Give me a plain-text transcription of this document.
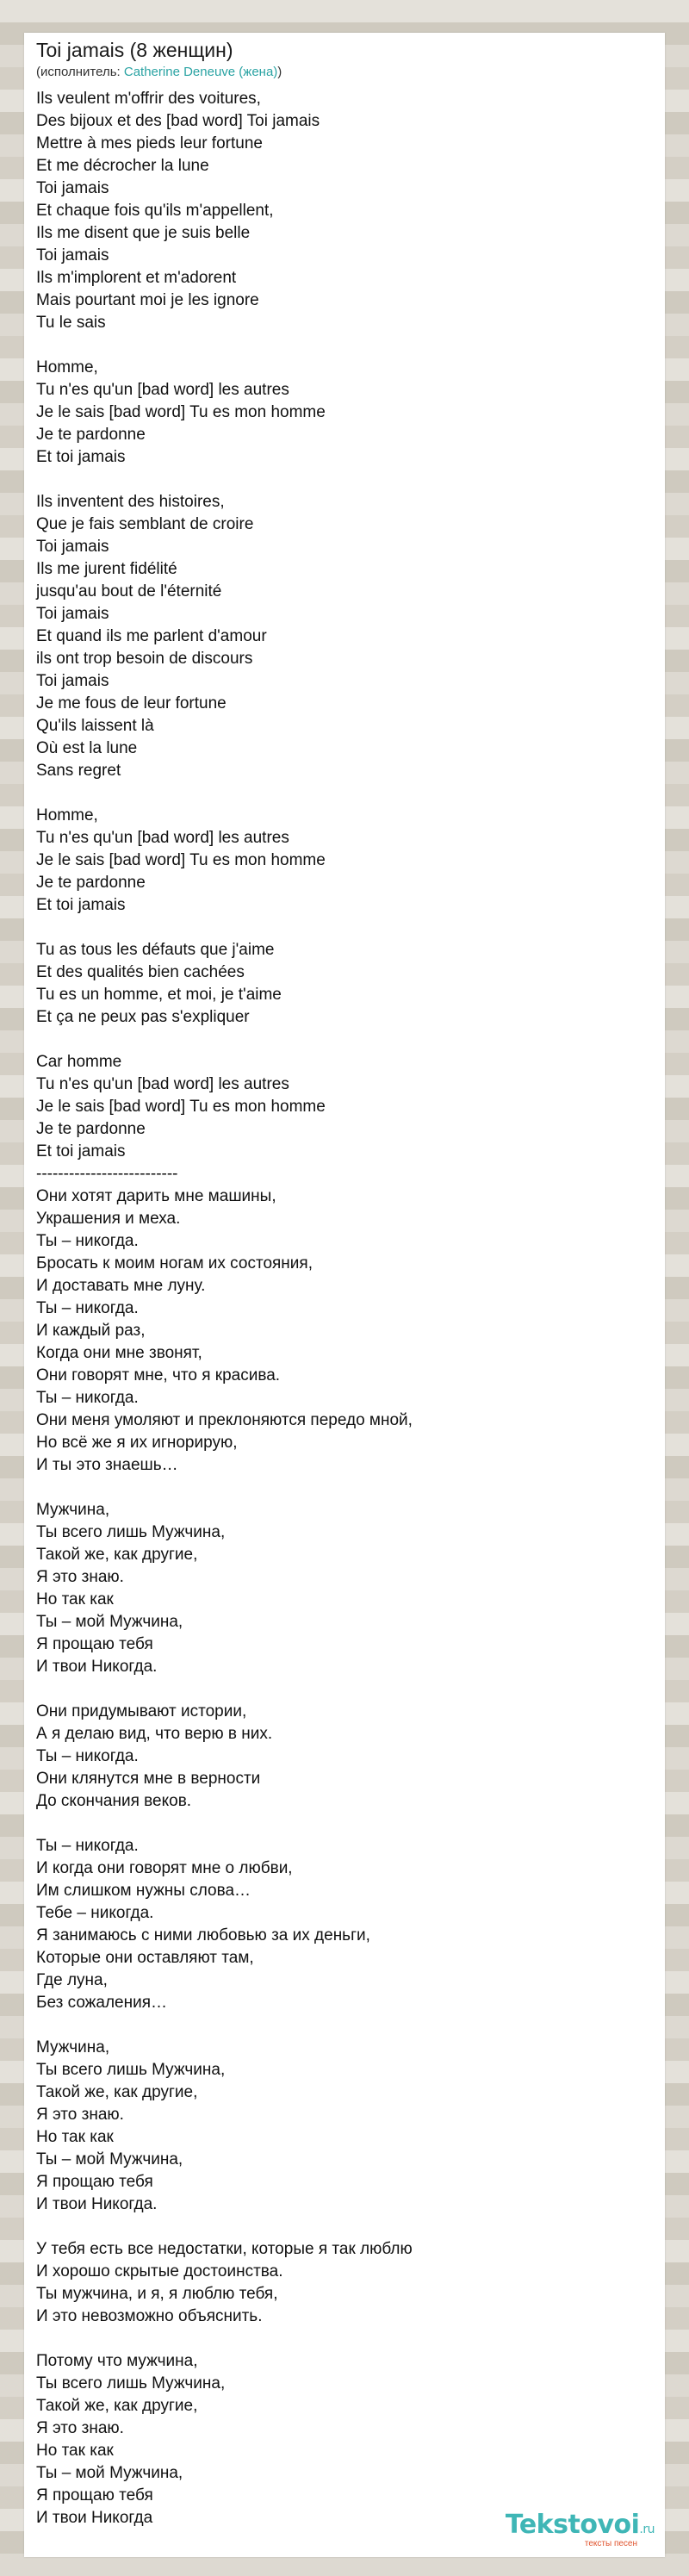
Toi jamais (8 женщин)
(исполнитель: Catherine Deneuve (жена))
Ils veulent m'offrir des voitures,
Des bijoux et des [bad word] Toi jamais
Mettre à mes pieds leur fortune
Et me décrocher la lune
Toi jamais
Et chaque fois qu'ils m'appellent,
Ils me disent que je suis belle
Toi jamais
Ils m'implorent et m'adorent
Mais pourtant moi je les ignore
Tu le sais
Homme,
Tu n'es qu'un [bad word] les autres
Je le sais [bad word] Tu es mon homme
Je te pardonne
Et toi jamais
Ils inventent des histoires,
Que je fais semblant de croire
Toi jamais
Ils me jurent fidélité
jusqu'au bout de l'éternité
Toi jamais
Et quand ils me parlent d'amour
ils ont trop besoin de discours
Toi jamais
Je me fous de leur fortune
Qu'ils laissent là
Où est la lune
Sans regret
Homme,
Tu n'es qu'un [bad word] les autres
Je le sais [bad word] Tu es mon homme
Je te pardonne
Et toi jamais
Tu as tous les défauts que j'aime
Et des qualités bien cachées
Tu es un homme, et moi, je t'aime
Et ça ne peux pas s'expliquer
Car homme
Tu n'es qu'un [bad word] les autres
Je le sais [bad word] Tu es mon homme
Je te pardonne
Et toi jamais
--------------------------
Они хотят дарить мне машины,
Украшения и меха.
Ты – никогда.
Бросать к моим ногам их состояния,
И доставать мне луну.
Ты – никогда.
И каждый раз,
Когда они мне звонят,
Они говорят мне, что я красива.
Ты – никогда.
Они меня умоляют и преклоняются передо мной,
Но всё же я их игнорирую,
И ты это знаешь…
Мужчина,
Ты всего лишь Мужчина,
Такой же, как другие,
Я это знаю.
Но так как
Ты – мой Мужчина,
Я прощаю тебя
И твои Никогда.
Они придумывают истории,
А я делаю вид, что верю в них.
Ты – никогда.
Они клянутся мне в верности
До скончания веков.
Ты – никогда.
И когда они говорят мне о любви,
Им слишком нужны слова…
Тебе – никогда.
Я занимаюсь с ними любовью за их деньги,
Которые они оставляют там,
Где луна,
Без сожаления…
Мужчина,
Ты всего лишь Мужчина,
Такой же, как другие,
Я это знаю.
Но так как
Ты – мой Мужчина,
Я прощаю тебя
И твои Никогда.
У тебя есть все недостатки, которые я так люблю
И хорошо скрытые достоинства.
Ты мужчина, и я, я люблю тебя,
И это невозможно объяснить.
Потому что мужчина,
Ты всего лишь Мужчина,
Такой же, как другие,
Я это знаю.
Но так как
Ты – мой Мужчина,
Я прощаю тебя
И твои Никогда	Tekstovoi.ru
тексты песен
